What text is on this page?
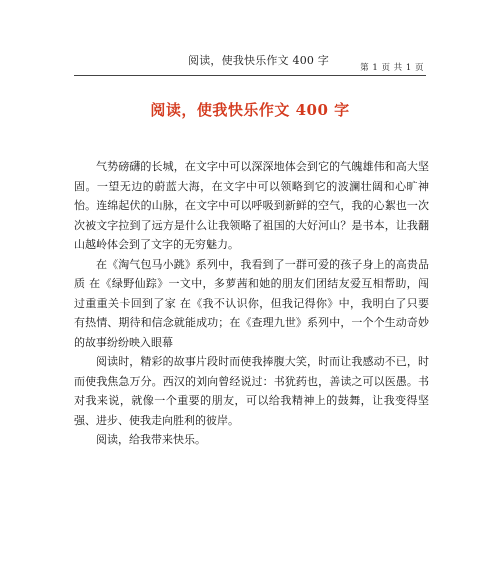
阅读，使我快乐作文 400 字
第 1 页 共 1 页
阅读，使我快乐作文 400 字

气势磅礴的长城，在文字中可以深深地体会到它的气魄雄伟和高大坚固。一望无边的蔚蓝大海，在文字中可以领略到它的波澜壮阔和心旷神怡。连绵起伏的山脉，在文字中可以呼吸到新鲜的空气，我的心絮也一次次被文字拉到了远方是什么让我领略了祖国的大好河山？是书本，让我翻山越岭体会到了文字的无穷魅力。

在《淘气包马小跳》系列中，我看到了一群可爱的孩子身上的高贵品质 在《绿野仙踪》一文中，多萝茜和她的朋友们团结友爱互相帮助，闯过重重关卡回到了家 在《我不认识你，但我记得你》中，我明白了只要有热情、期待和信念就能成功；在《查理九世》系列中，一个个生动奇妙的故事纷纷映入眼幕

阅读时，精彩的故事片段时而使我捧腹大笑，时而让我感动不已，时而使我焦急万分。西汉的刘向曾经说过：书犹药也，善读之可以医愚。书对我来说，就像一个重要的朋友，可以给我精神上的鼓舞，让我变得坚强、进步、使我走向胜利的彼岸。

阅读，给我带来快乐。
